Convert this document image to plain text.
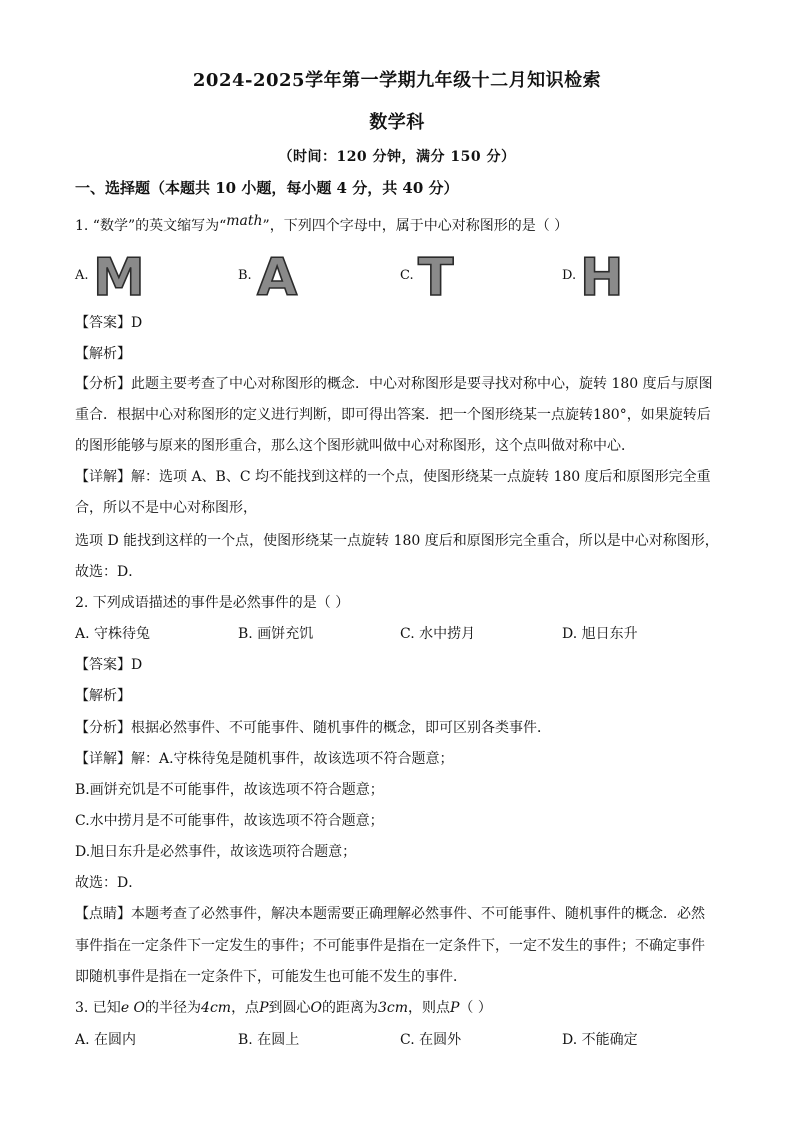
2024-2025学年第一学期九年级十二月知识检索
数学科
（时间：120 分钟，满分 150 分）
一、选择题（本题共 10 小题，每小题 4 分，共 40 分）
1. “数学”的英文缩写为“math”，下列四个字母中，属于中心对称图形的是（ ）
A. M	B. A	C. T	D. H
【答案】D
【解析】
【分析】此题主要考查了中心对称图形的概念．中心对称图形是要寻找对称中心，旋转 180 度后与原图
重合．根据中心对称图形的定义进行判断，即可得出答案．把一个图形绕某一点旋转180°，如果旋转后
的图形能够与原来的图形重合，那么这个图形就叫做中心对称图形，这个点叫做对称中心．
【详解】解：选项 A、B、C 均不能找到这样的一个点，使图形绕某一点旋转 180 度后和原图形完全重
合，所以不是中心对称图形，
选项 D 能找到这样的一个点，使图形绕某一点旋转 180 度后和原图形完全重合，所以是中心对称图形，
故选：D．
2. 下列成语描述的事件是必然事件的是（ ）
A. 守株待兔	B. 画饼充饥	C. 水中捞月	D. 旭日东升
【答案】D
【解析】
【分析】根据必然事件、不可能事件、随机事件的概念，即可区别各类事件．
【详解】解：A.守株待兔是随机事件，故该选项不符合题意；
B.画饼充饥是不可能事件，故该选项不符合题意；
C.水中捞月是不可能事件，故该选项不符合题意；
D.旭日东升是必然事件，故该选项符合题意；
故选：D．
【点睛】本题考查了必然事件，解决本题需要正确理解必然事件、不可能事件、随机事件的概念．必然
事件指在一定条件下一定发生的事件；不可能事件是指在一定条件下，一定不发生的事件；不确定事件
即随机事件是指在一定条件下，可能发生也可能不发生的事件．
3. 已知e O的半径为4cm，点P到圆心O的距离为3cm，则点P（ ）
A. 在圆内	B. 在圆上	C. 在圆外	D. 不能确定
